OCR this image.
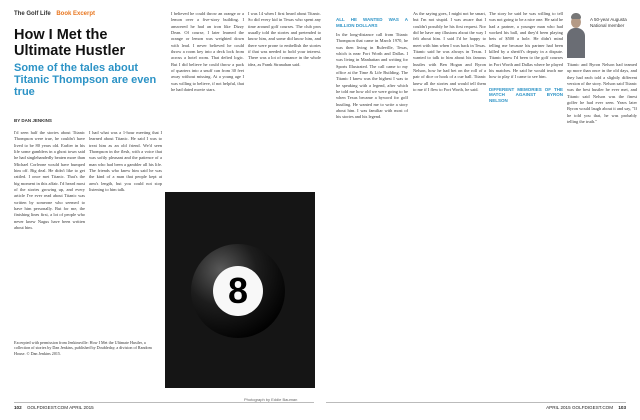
The Golf Life Book Excerpt
How I Met the Ultimate Hustler

Some of the tales about Titanic Thompson are even true

BY DAN JENKINS

I'd seen half the stories about Titanic Thompson were true, he couldn't have lived to be 80 years old. Earlier in his life some gamblers in a ghost town said he had singlehandedly beaten more than Michael Corleone would have bumped him off. Big deal. He didn't like to get rattled. I once met Titanic. That's the big moment in this affair. I'd heard most of the stories growing up, and every article I've ever read about Titanic was written by someone who seemed to have him personally. But for me, the finishing lines first, a lot of people who never knew Nagus have been written about him.

I had what was a 1-hour meeting that I learned about Titanic. He said I was to treat him as an old friend. We'd seen Thompson in the flesh, with a voice that was softly pleasant and the patience of a man who had been a gambler all his life. The friends who knew him said he was the kind of a man that people kept at arm's length, but you could not stop listening to him talk.

I believed he could throw an orange or a lemon over a five-story building. I answered he had an iron like Dizzy Dean. Of course, I later learned the orange or lemon was weighted down with lead. I never believed he could throw a room key into a deck lock from across a hotel room. That defied logic. But I did believe he could throw a pack of quarters into a snuff can from 30 feet away without missing. At a young age I was willing to believe, if not helpful, that he had dated movie stars.

I was 14 when I first heard about Titanic. So did every kid in Texas who spent any time around golf courses. The club pros usually told the stories and pretended to know him, and some did know him, and there were prone to embellish the stories if that was needed to hold your interest. There was a lot of romance in the whole idea, as Frank Stranahan said.

Excerpted with permission from Jenkinsville: How I Met the Ultimate Hustler, a collection of stories by Dan Jenkins, published by Doubleday, a division of Random House. © Dan Jenkins 2015.
8
Photograph by Eddie Bauman
ALL HE WANTED WAS A MILLION DOLLARS
In the long-distance call from Titanic Thompson that came in March 1970, he was then living in Ruleville, Texas, which is near Fort Worth and Dallas. I was living in Manhattan and writing for Sports Illustrated. The call came to my office at the Time & Life Building. The Titanic I knew was the highest I was to be speaking with a legend, after which he told me how old we were going to be when Texas became a byword for golf hustling. He wanted me to write a story about him. I was familiar with most of his stories and his legend.

As the saying goes, I might not be smart, but I'm not stupid. I was aware that I couldn't possibly be his first request. Nor did he have any illusions about the way I felt about him. I said I'd be happy to meet with him when I was back in Texas. Titanic said he was always in Texas. I wanted to talk to him about his famous hustles with Ben Hogan and Byron Nelson, how he had bet on the roll of a pair of dice or hook of a cue ball. Titanic knew all the stories and would tell them to me if I flew to Fort Worth, he said.

The story he said he was willing to tell was not going to be a nice one. He said he had a partner, a younger man who had worked his ball, and they'd been playing bets of $500 a hole. He didn't mind telling me because his partner had been killed by a sheriff's deputy in a dispute. Titanic knew I'd been to the golf courses in Fort Worth and Dallas where he played his matches. He said he would teach me how to play if I came to see him.
DIFFERENT MEMORIES OF THE MATCH AGAINST BYRON NELSON

Titanic and Byron Nelson had teamed up more than once in the old days, and they had each told a slightly different version of the story. Nelson said Titanic was the best hustler he ever met, and Titanic said Nelson was the finest golfer he had ever seen. Years later Byron would laugh about it and say, "If he told you that, he was probably telling the truth."

A 50-year Augusta National member
102 GOLFDIGEST.COM APRIL 2015	APRIL 2015 GOLFDIGEST.COM 103
